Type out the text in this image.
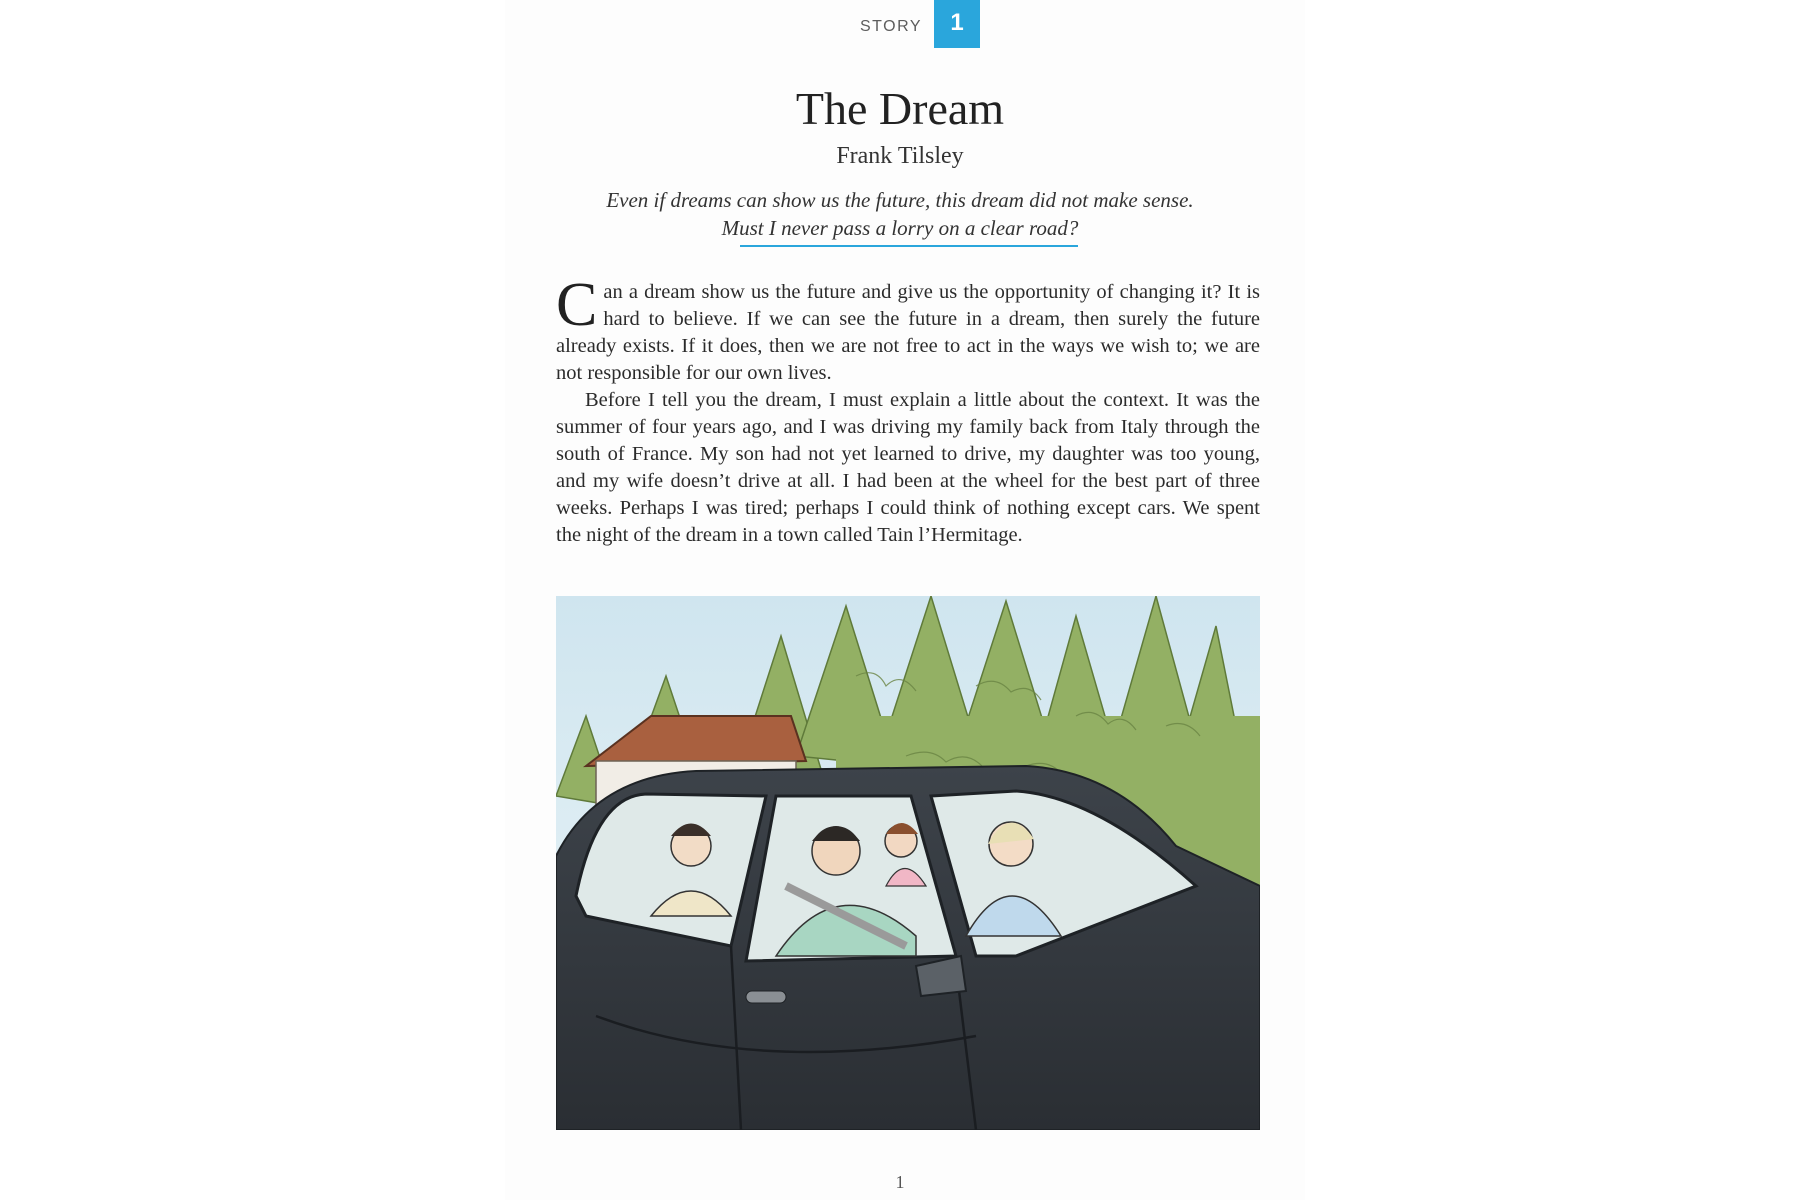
STORY	1
The Dream
Frank Tilsley
Even if dreams can show us the future, this dream did not make sense.
Must I never pass a lorry on a clear road?

Can a dream show us the future and give us the opportunity of changing it? It is hard to believe. If we can see the future in a dream, then surely the future already exists. If it does, then we are not free to act in the ways we wish to; we are not responsible for our own lives.

Before I tell you the dream, I must explain a little about the context. It was the summer of four years ago, and I was driving my family back from Italy through the south of France. My son had not yet learned to drive, my daughter was too young, and my wife doesn’t drive at all. I had been at the wheel for the best part of three weeks. Perhaps I was tired; perhaps I could think of nothing except cars. We spent the night of the dream in a town called Tain l’Hermitage.

1
